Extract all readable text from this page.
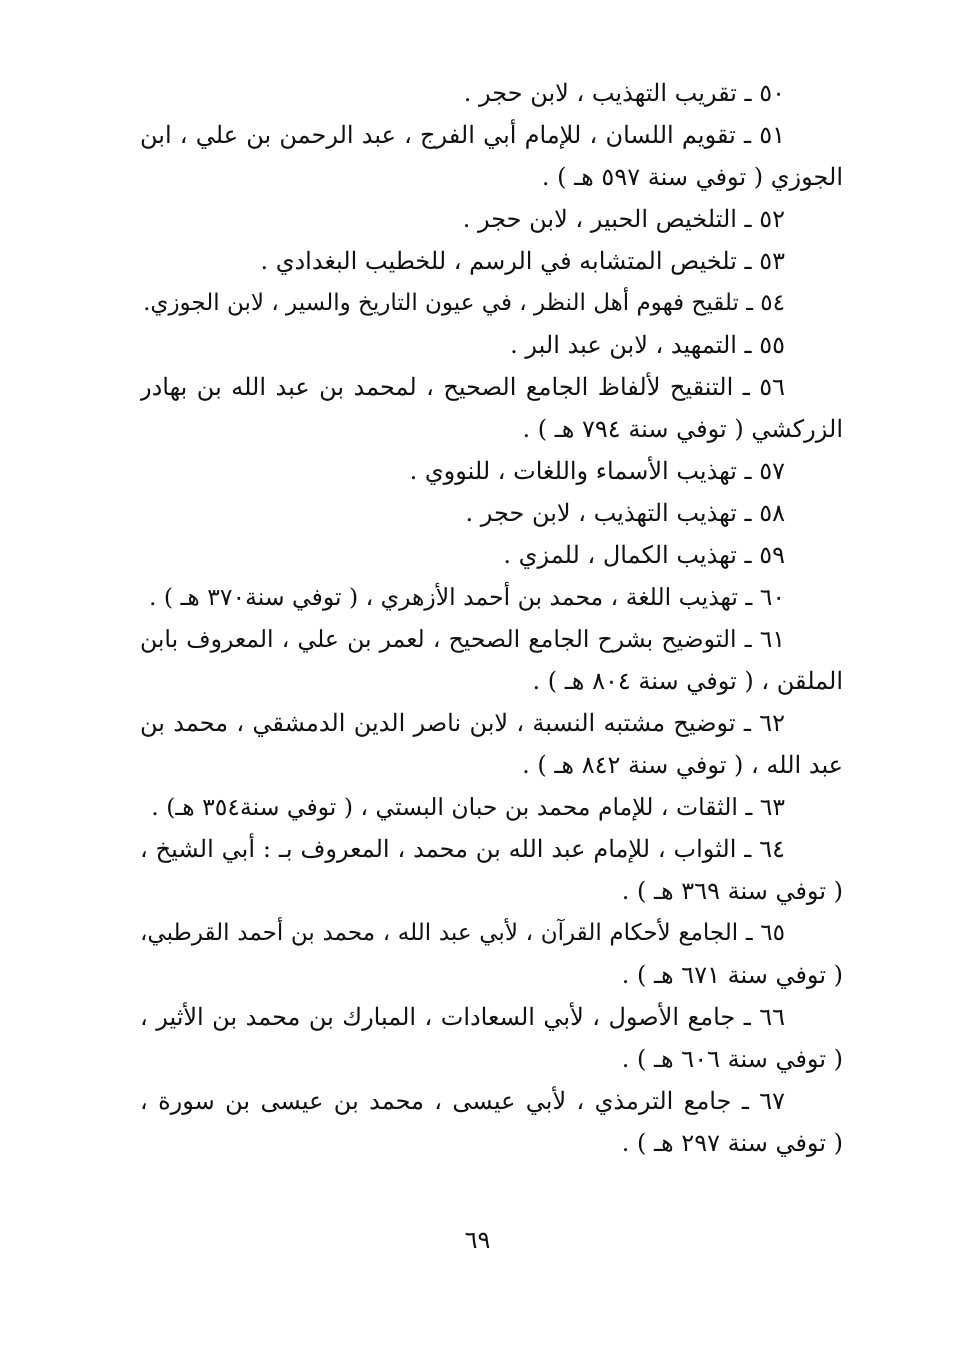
٥٠ ـ تقريب التهذيب ، لابن حجر .
٥١ ـ تقويم اللسان ، للإمام أبي الفرج ، عبد الرحمن بن علي ، ابن
الجوزي ( توفي سنة ٥٩٧ هـ ) .
٥٢ ـ التلخيص الحبير ، لابن حجر .
٥٣ ـ تلخيص المتشابه في الرسم ، للخطيب البغدادي .
٥٤ ـ تلقيح فهوم أهل النظر ، في عيون التاريخ والسير ، لابن الجوزي.
٥٥ ـ التمهيد ، لابن عبد البر .
٥٦ ـ التنقيح لألفاظ الجامع الصحيح ، لمحمد بن عبد الله بن بهادر
الزركشي ( توفي سنة ٧٩٤ هـ ) .
٥٧ ـ تهذيب الأسماء واللغات ، للنووي .
٥٨ ـ تهذيب التهذيب ، لابن حجر .
٥٩ ـ تهذيب الكمال ، للمزي .
٦٠ ـ تهذيب اللغة ، محمد بن أحمد الأزهري ، ( توفي سنة٣٧٠ هـ ) .
٦١ ـ التوضيح بشرح الجامع الصحيح ، لعمر بن علي ، المعروف بابن
الملقن ، ( توفي سنة ٨٠٤ هـ ) .
٦٢ ـ توضيح مشتبه النسبة ، لابن ناصر الدين الدمشقي ، محمد بن
عبد الله ، ( توفي سنة ٨٤٢ هـ ) .
٦٣ ـ الثقات ، للإمام محمد بن حبان البستي ، ( توفي سنة٣٥٤ هـ) .
٦٤ ـ الثواب ، للإمام عبد الله بن محمد ، المعروف بـ : أبي الشيخ ،
( توفي سنة ٣٦٩ هـ ) .
٦٥ ـ الجامع لأحكام القرآن ، لأبي عبد الله ، محمد بن أحمد القرطبي،
( توفي سنة ٦٧١ هـ ) .
٦٦ ـ جامع الأصول ، لأبي السعادات ، المبارك بن محمد بن الأثير ،
( توفي سنة ٦٠٦ هـ ) .
٦٧ ـ جامع الترمذي ، لأبي عيسى ، محمد بن عيسى بن سورة ،
( توفي سنة ٢٩٧ هـ ) .
٦٩
